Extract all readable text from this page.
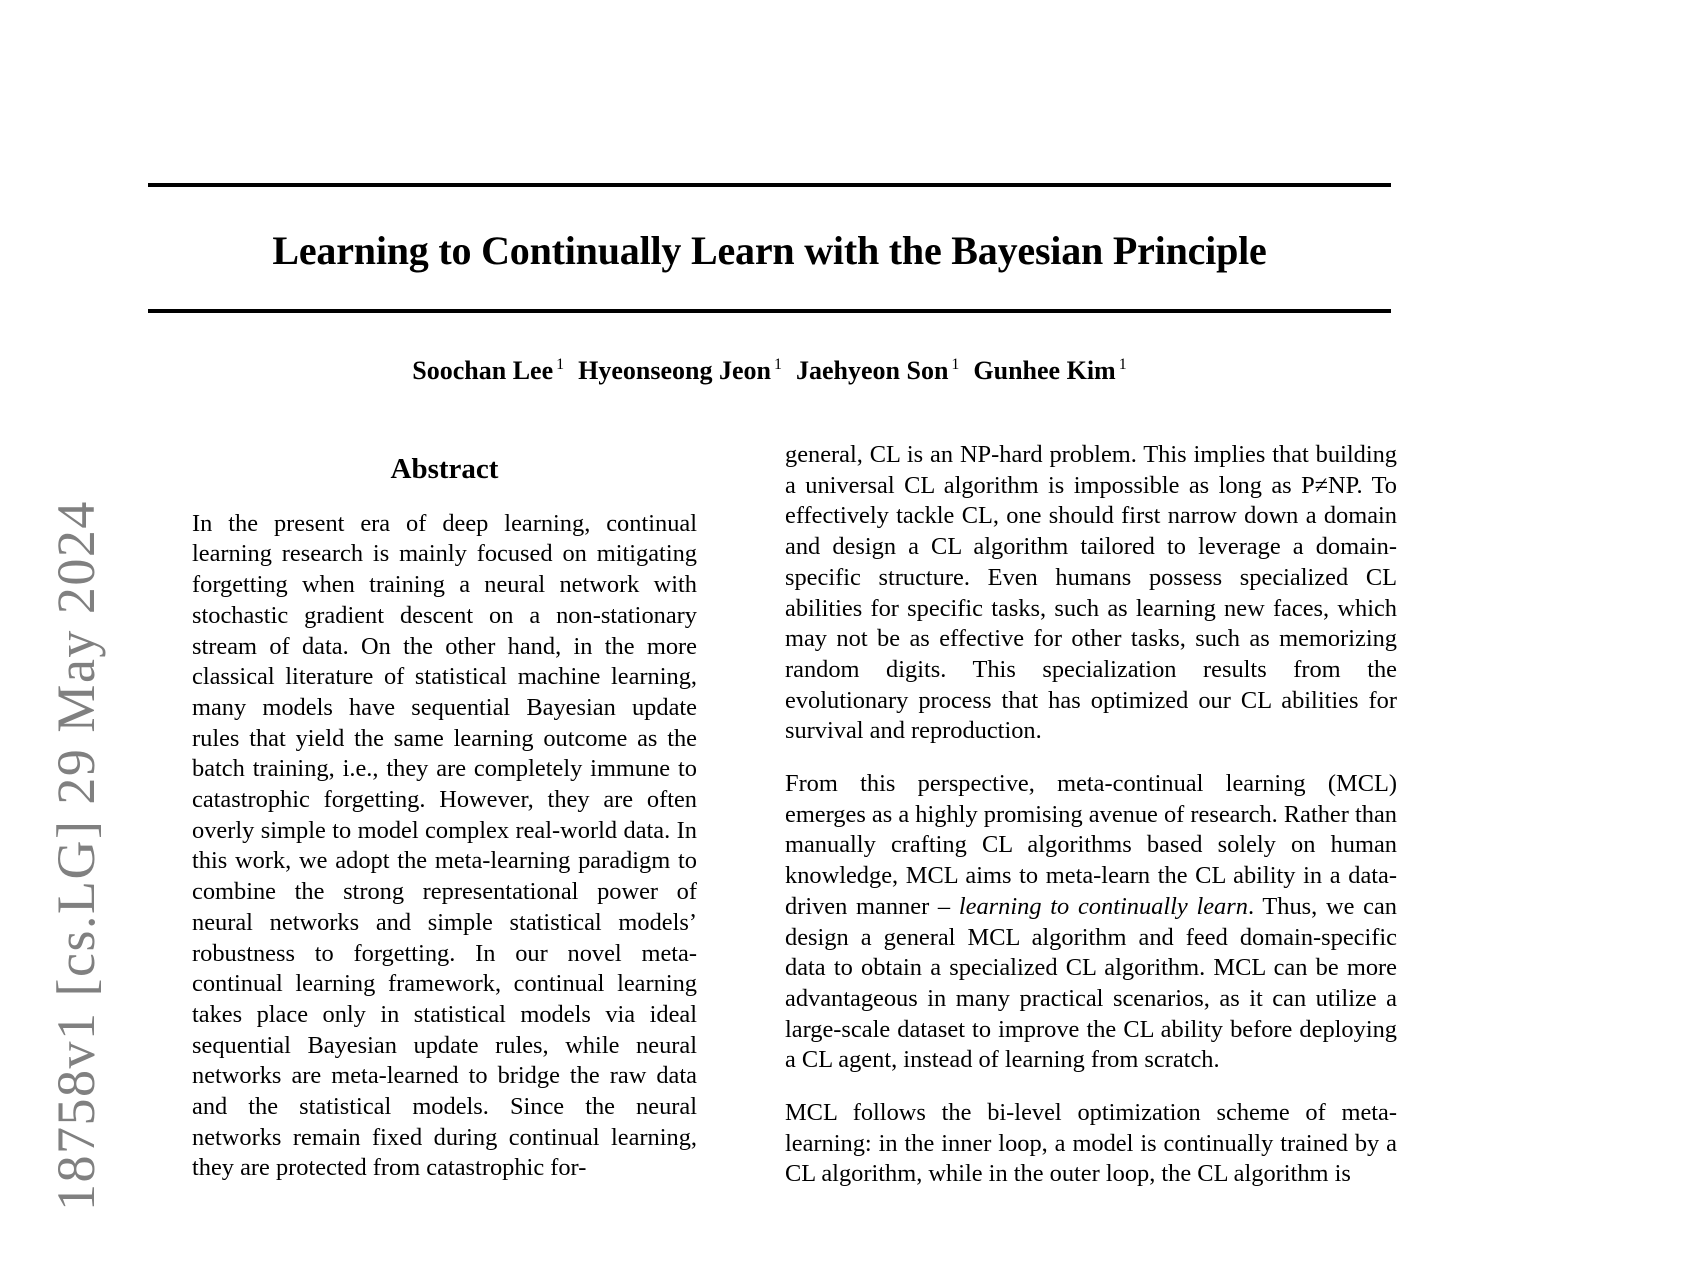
18758v1 [cs.LG] 29 May 2024
Learning to Continually Learn with the Bayesian Principle
Soochan Lee $^1$ Hyeonseong Jeon $^1$ Jaehyeon Son $^1$ Gunhee Kim $^1$
Abstract
In the present era of deep learning, continual learning research is mainly focused on mitigating forgetting when training a neural network with stochastic gradient descent on a non-stationary stream of data. On the other hand, in the more classical literature of statistical machine learning, many models have sequential Bayesian update rules that yield the same learning outcome as the batch training, i.e., they are completely immune to catastrophic forgetting. However, they are often overly simple to model complex real-world data. In this work, we adopt the meta-learning paradigm to combine the strong representational power of neural networks and simple statistical models’ robustness to forgetting. In our novel meta-continual learning framework, continual learning takes place only in statistical models via ideal sequential Bayesian update rules, while neural networks are meta-learned to bridge the raw data and the statistical models. Since the neural networks remain fixed during continual learning, they are protected from catastrophic for-
general, CL is an NP-hard problem. This implies that building a universal CL algorithm is impossible as long as P≠NP. To effectively tackle CL, one should first narrow down a domain and design a CL algorithm tailored to leverage a domain-specific structure. Even humans possess specialized CL abilities for specific tasks, such as learning new faces, which may not be as effective for other tasks, such as memorizing random digits. This specialization results from the evolutionary process that has optimized our CL abilities for survival and reproduction.
From this perspective, meta-continual learning (MCL) emerges as a highly promising avenue of research. Rather than manually crafting CL algorithms based solely on human knowledge, MCL aims to meta-learn the CL ability in a data-driven manner – learning to continually learn. Thus, we can design a general MCL algorithm and feed domain-specific data to obtain a specialized CL algorithm. MCL can be more advantageous in many practical scenarios, as it can utilize a large-scale dataset to improve the CL ability before deploying a CL agent, instead of learning from scratch.
MCL follows the bi-level optimization scheme of meta-learning: in the inner loop, a model is continually trained by a CL algorithm, while in the outer loop, the CL algorithm is
